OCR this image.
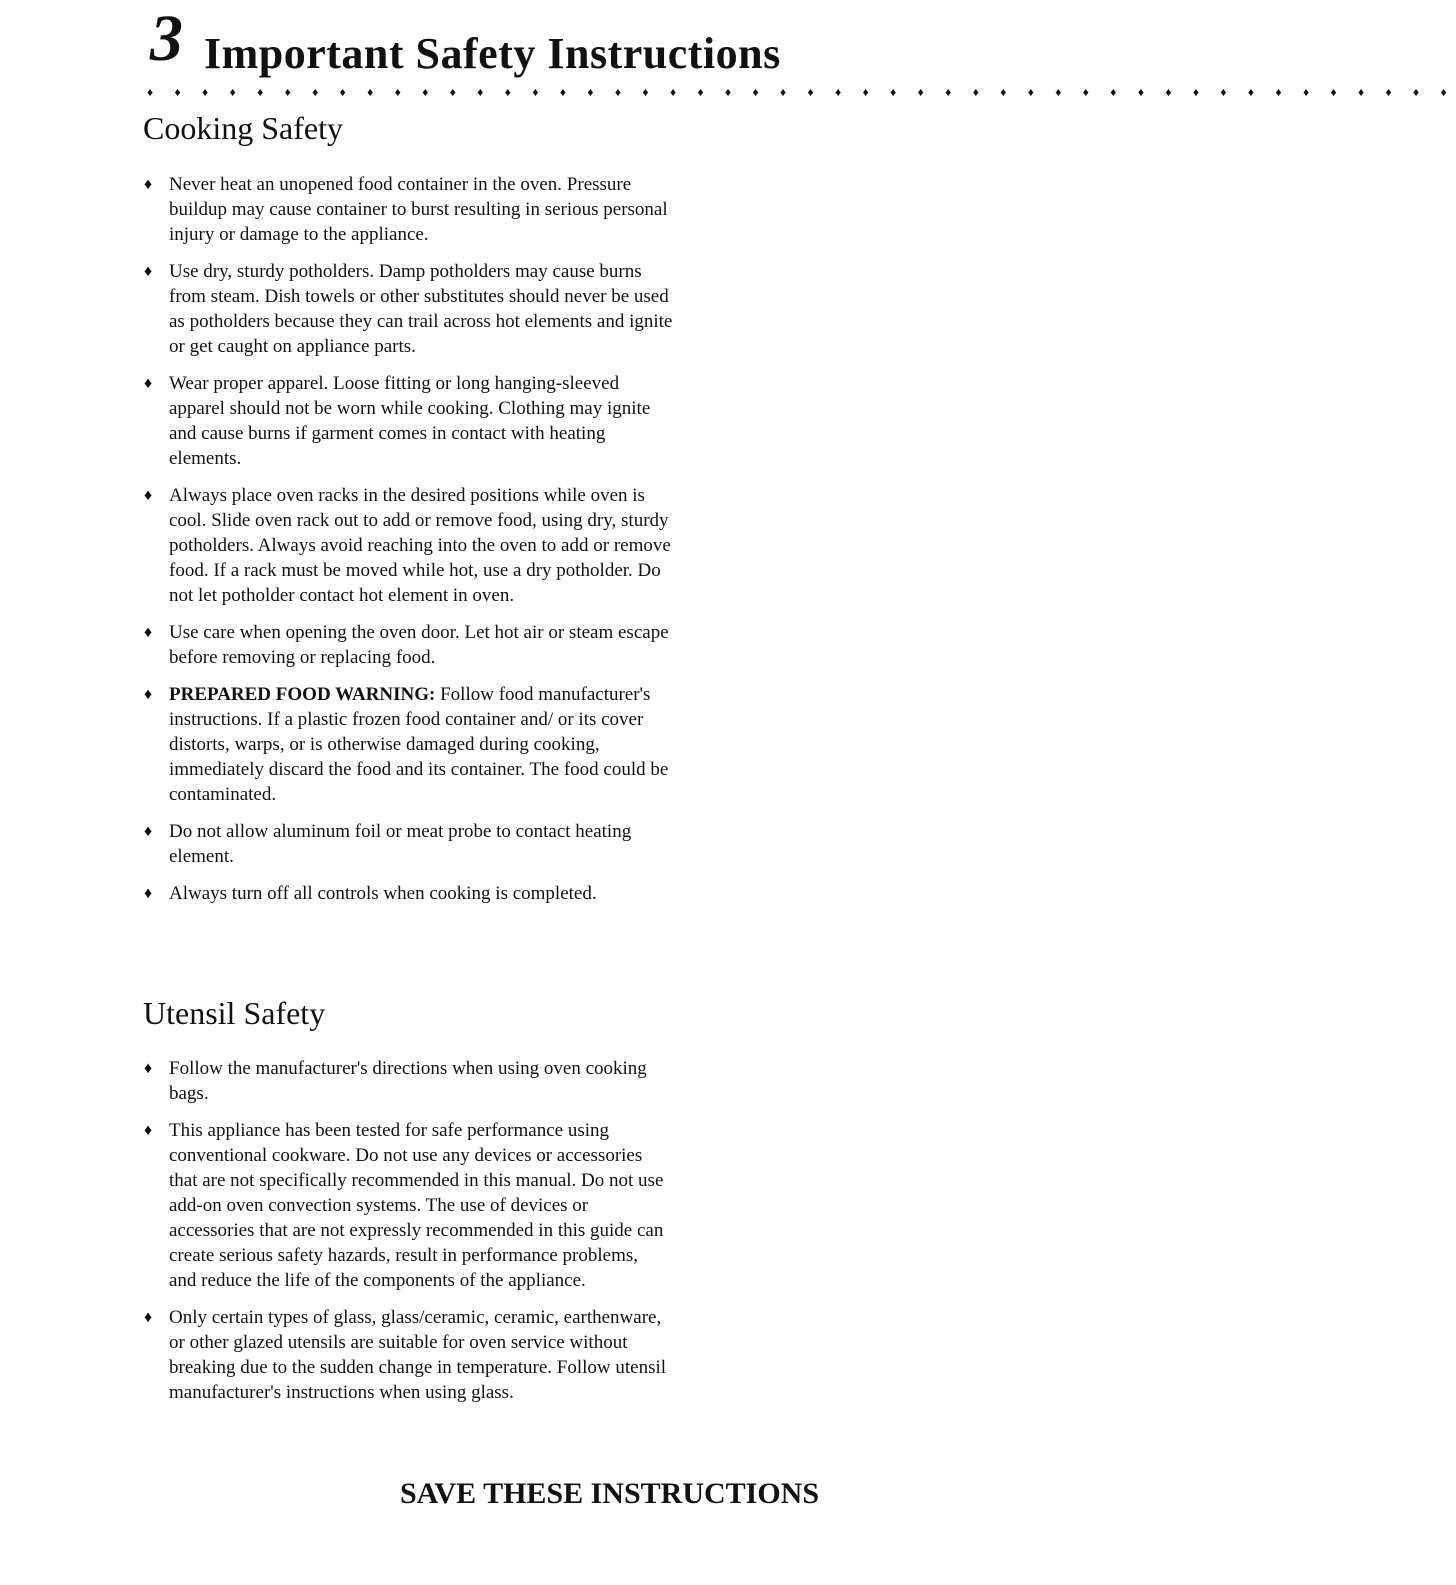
3 Important Safety Instructions
♦ ♦ ♦ ♦ ♦ ♦ ♦ ♦ ♦ ♦ ♦ ♦ ♦ ♦ ♦ ♦ ♦ ♦ ♦ ♦ ♦ ♦ ♦ ♦ ♦ ♦ ♦ ♦ ♦ ♦ ♦ ♦ ♦ ♦ ♦ ♦ ♦ ♦ ♦ ♦ ♦ ♦ ♦ ♦ ♦ ♦ ♦ ♦
Cooking Safety
♦ Never heat an unopened food container in the oven. Pressure buildup may cause container to burst resulting in serious personal injury or damage to the appliance.
♦ Use dry, sturdy potholders. Damp potholders may cause burns from steam. Dish towels or other substitutes should never be used as potholders because they can trail across hot elements and ignite or get caught on appliance parts.
♦ Wear proper apparel. Loose fitting or long hanging-sleeved apparel should not be worn while cooking. Clothing may ignite and cause burns if garment comes in contact with heating elements.
♦ Always place oven racks in the desired positions while oven is cool. Slide oven rack out to add or remove food, using dry, sturdy potholders. Always avoid reaching into the oven to add or remove food. If a rack must be moved while hot, use a dry potholder. Do not let potholder contact hot element in oven.
♦ Use care when opening the oven door. Let hot air or steam escape before removing or replacing food.
♦ PREPARED FOOD WARNING: Follow food manufacturer's instructions. If a plastic frozen food container and/ or its cover distorts, warps, or is otherwise damaged during cooking, immediately discard the food and its container. The food could be contaminated.
♦ Do not allow aluminum foil or meat probe to contact heating element.
♦ Always turn off all controls when cooking is completed.
Utensil Safety
♦ Follow the manufacturer's directions when using oven cooking bags.
♦ This appliance has been tested for safe performance using conventional cookware. Do not use any devices or accessories that are not specifically recommended in this manual. Do not use add-on oven convection systems. The use of devices or accessories that are not expressly recommended in this guide can create serious safety hazards, result in performance problems, and reduce the life of the components of the appliance.
♦ Only certain types of glass, glass/ceramic, ceramic, earthenware, or other glazed utensils are suitable for oven service without breaking due to the sudden change in temperature. Follow utensil manufacturer's instructions when using glass.

SAVE THESE INSTRUCTIONS
